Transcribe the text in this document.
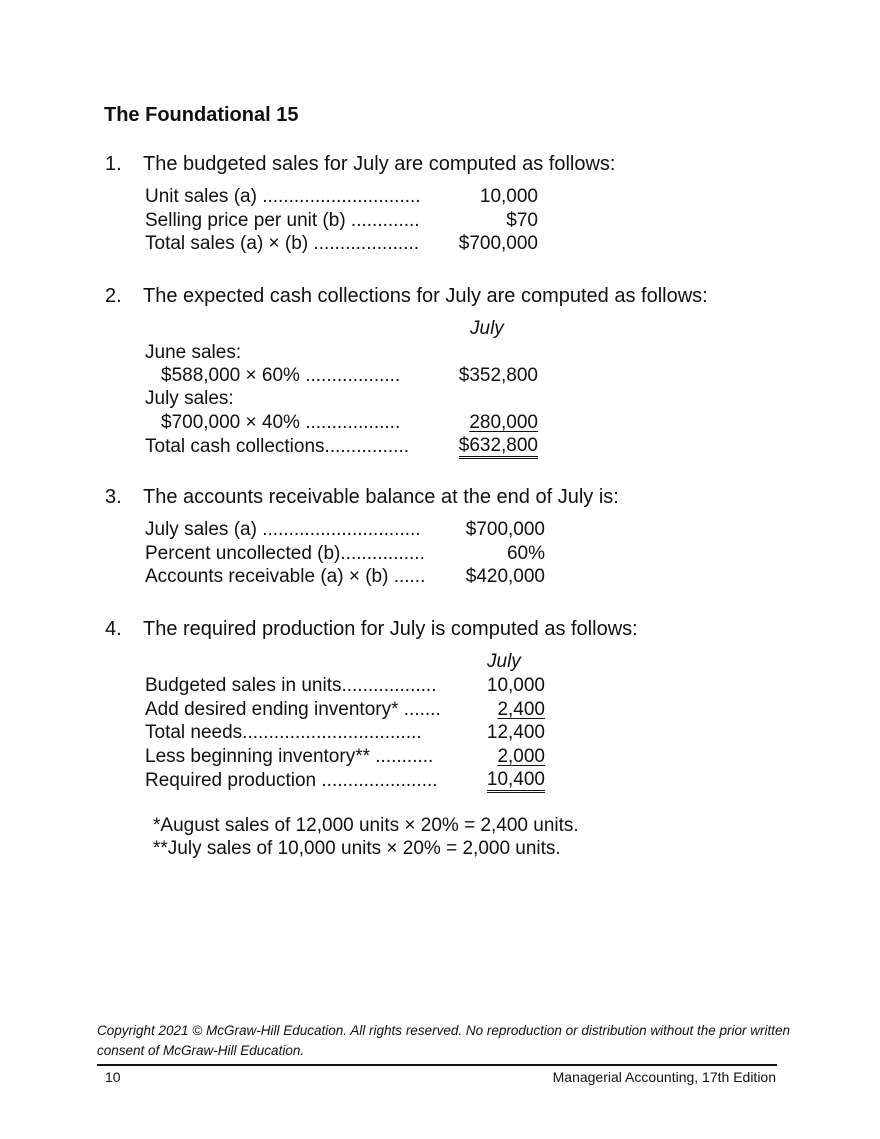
The Foundational 15
1. The budgeted sales for July are computed as follows:
Unit sales (a) ..............................	10,000
Selling price per unit (b) .............	$70
Total sales (a) × (b) .................... $700,000
2. The expected cash collections for July are computed as follows:
July
June sales:
$588,000 × 60% ..................	$352,800
July sales:
$700,000 × 40% ..................	280,000
Total cash collections................	$632,800
3. The accounts receivable balance at the end of July is:
July sales (a) .............................. $700,000
Percent uncollected (b)................	60%
Accounts receivable (a) × (b) ...... $420,000
4. The required production for July is computed as follows:
July
Budgeted sales in units..................	10,000
Add desired ending inventory* .......	2,400
Total needs..................................	12,400
Less beginning inventory** ...........	2,000
Required production ......................	10,400
*August sales of 12,000 units × 20% = 2,400 units.
**July sales of 10,000 units × 20% = 2,000 units.
Copyright 2021 © McGraw-Hill Education. All rights reserved. No reproduction or distribution without the prior written consent of McGraw-Hill Education.
10	Managerial Accounting, 17th Edition
